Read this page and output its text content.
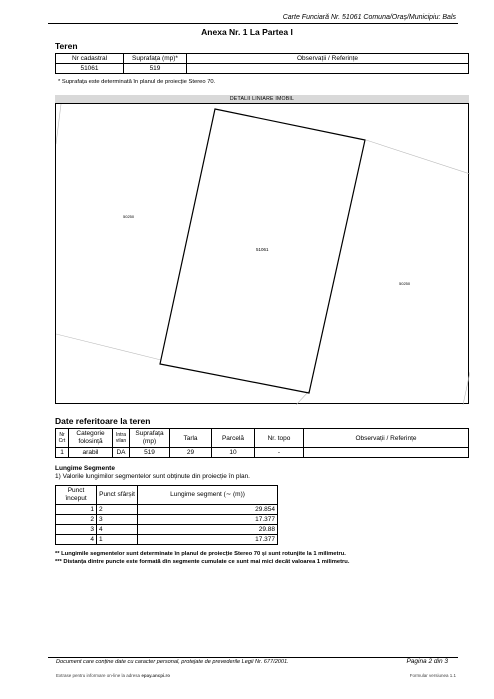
Carte Funciară Nr. 51061 Comuna/Oraș/Municipiu: Bals
Anexa Nr. 1 La Partea I
Teren
Nr cadastral	Suprafața (mp)*	Observații / Referințe
51061	519	
* Suprafața este determinată în planul de proiecție Stereo 70.
DETALII LINIARE IMOBIL
51061
50250
50250
Date referitoare la teren
Nr Crt	Categorie folosință	Intra vilan	Suprafața (mp)	Tarla	Parcelă	Nr. topo	Observații / Referințe
1	arabil	DA	519	29	10	-	
Lungime Segmente
1) Valorile lungimilor segmentelor sunt obținute din proiecție în plan.
Punct început	Punct sfârșit	Lungime segment (∼ (m))
1	2	29.854
2	3	17.377
3	4	29.88
4	1	17.377
** Lungimile segmentelor sunt determinate în planul de proiecție Stereo 70 și sunt rotunjite la 1 milimetru.
*** Distanța dintre puncte este formată din segmente cumulate ce sunt mai mici decât valoarea 1 milimetru.
Document care conține date cu caracter personal, protejate de prevederile Legii Nr. 677/2001.	Pagina 2 din 3
Extrase pentru informare on-line la adresa epay.ancpi.ro	Formular versiunea 1.1
